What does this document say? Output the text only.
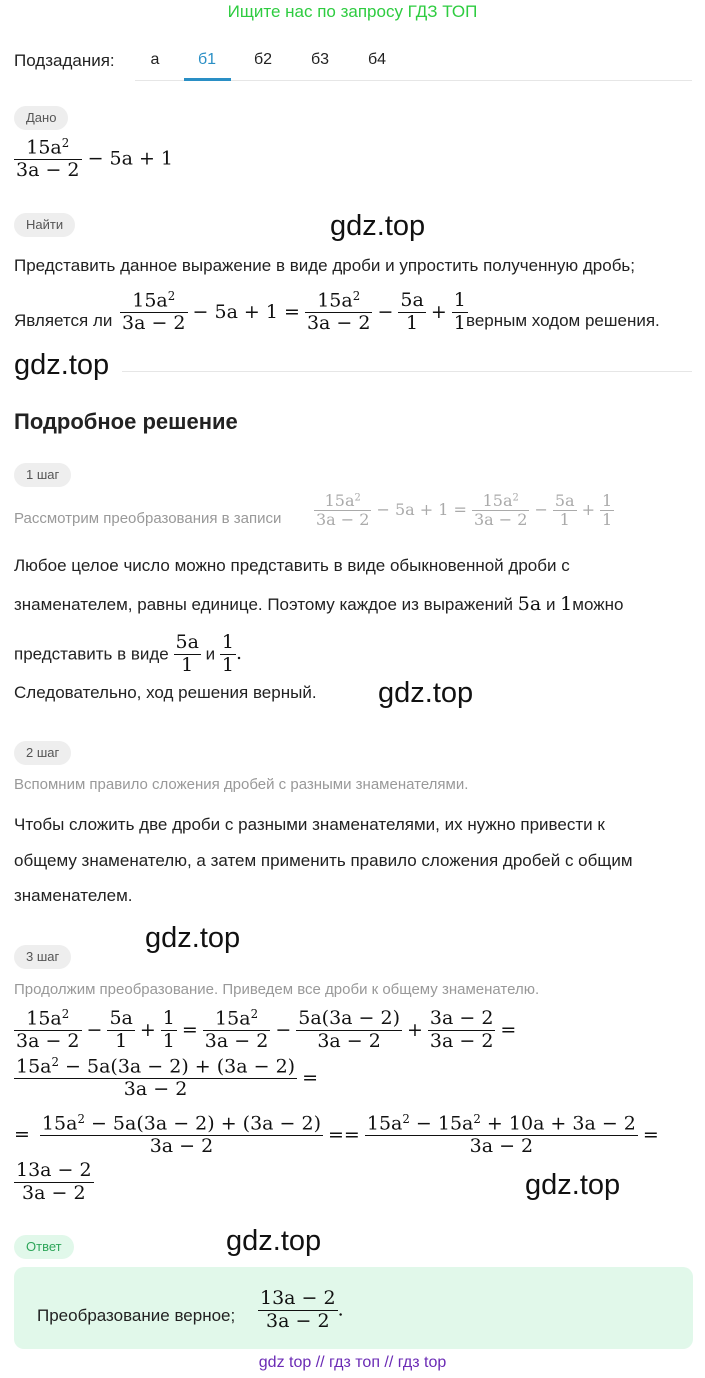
Ищите нас по запросу ГДЗ ТОП
Подзадания:	а	б1	б2	б3	б4
Дано
$\frac{15a^2}{3a - 2} - 5a + 1$
Найти	gdz.top
Представить данное выражение в виде дроби и упростить полученную дробь;
Является ли $\frac{15a^2}{3a - 2} - 5a + 1 = \frac{15a^2}{3a - 2} - \frac{5a}{1} + \frac{1}{1}$
верным ходом решения.
gdz.top
Подробное решение
1 шаг
Рассмотрим преобразования в записи $\frac{15a^2}{3a - 2} - 5a + 1 = \frac{15a^2}{3a - 2} - \frac{5a}{1} + \frac{1}{1}$
Любое целое число можно представить в виде обыкновенной дроби с
знаменателем, равны единице. Поэтому каждое из выражений 5a и 1можно
представить в виде $\frac{5a}{1}$ и $\frac{1}{1}$ .
Следовательно, ход решения верный. gdz.top
2 шаг
Вспомним правило сложения дробей с разными знаменателями.
Чтобы сложить две дроби с разными знаменателями, их нужно привести к
общему знаменателю, а затем применить правило сложения дробей с общим
знаменателем.
gdz.top
3 шаг
Продолжим преобразование. Приведем все дроби к общему знаменателю.
$\frac{15a^2}{3a - 2} - \frac{5a}{1} + \frac{1}{1} = \frac{15a^2}{3a - 2} - \frac{5a(3a - 2)}{3a - 2} + \frac{3a - 2}{3a - 2}$ =
$\frac{15a^2 - 5a(3a - 2) + (3a - 2)}{3a - 2}$ =
= $\frac{15a^2 - 5a(3a - 2) + (3a - 2)}{3a - 2} == \frac{15a^2 - 15a^2 + 10a + 3a - 2}{3a - 2}$ =
$\frac{13a - 2}{3a - 2}$	gdz.top
Ответ	gdz.top
Преобразование верное; $\frac{13a - 2}{3a - 2}$ .
gdz top // гдз топ // гдз top
